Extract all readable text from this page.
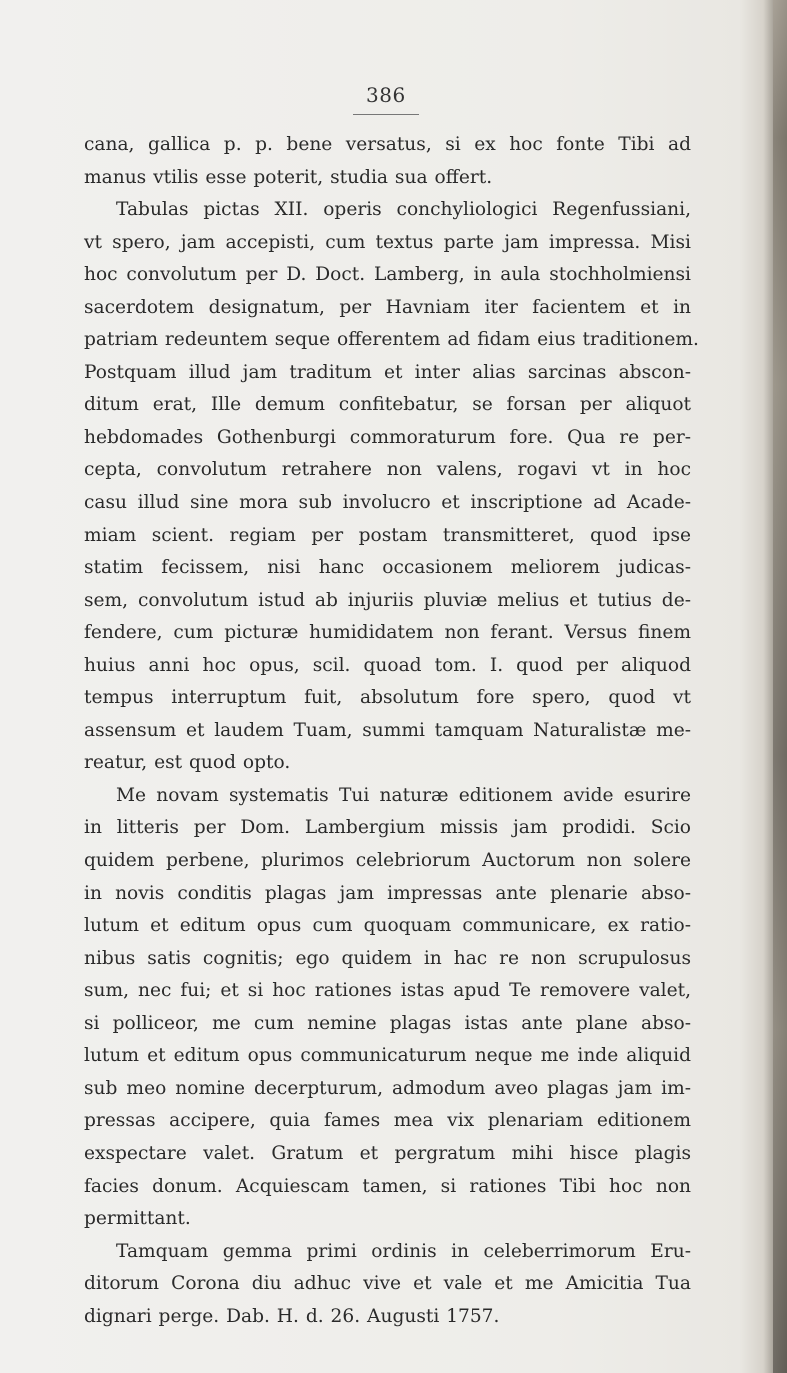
386
cana, gallica p. p. bene versatus, si ex hoc fonte Tibi ad
manus vtilis esse poterit, studia sua offert.
Tabulas pictas XII. operis conchyliologici Regenfussiani,
vt spero, jam accepisti, cum textus parte jam impressa. Misi
hoc convolutum per D. Doct. Lamberg, in aula stochholmiensi
sacerdotem designatum, per Havniam iter facientem et in
patriam redeuntem seque offerentem ad fidam eius traditionem.
Postquam illud jam traditum et inter alias sarcinas abscon-
ditum erat, Ille demum confitebatur, se forsan per aliquot
hebdomades Gothenburgi commoraturum fore. Qua re per-
cepta, convolutum retrahere non valens, rogavi vt in hoc
casu illud sine mora sub involucro et inscriptione ad Acade-
miam scient. regiam per postam transmitteret, quod ipse
statim fecissem, nisi hanc occasionem meliorem judicas-
sem, convolutum istud ab injuriis pluviæ melius et tutius de-
fendere, cum picturæ humididatem non ferant. Versus finem
huius anni hoc opus, scil. quoad tom. I. quod per aliquod
tempus interruptum fuit, absolutum fore spero, quod vt
assensum et laudem Tuam, summi tamquam Naturalistæ me-
reatur, est quod opto.
Me novam systematis Tui naturæ editionem avide esurire
in litteris per Dom. Lambergium missis jam prodidi. Scio
quidem perbene, plurimos celebriorum Auctorum non solere
in novis conditis plagas jam impressas ante plenarie abso-
lutum et editum opus cum quoquam communicare, ex ratio-
nibus satis cognitis; ego quidem in hac re non scrupulosus
sum, nec fui; et si hoc rationes istas apud Te removere valet,
si polliceor, me cum nemine plagas istas ante plane abso-
lutum et editum opus communicaturum neque me inde aliquid
sub meo nomine decerpturum, admodum aveo plagas jam im-
pressas accipere, quia fames mea vix plenariam editionem
exspectare valet. Gratum et pergratum mihi hisce plagis
facies donum. Acquiescam tamen, si rationes Tibi hoc non
permittant.
Tamquam gemma primi ordinis in celeberrimorum Eru-
ditorum Corona diu adhuc vive et vale et me Amicitia Tua
dignari perge. Dab. H. d. 26. Augusti 1757.
